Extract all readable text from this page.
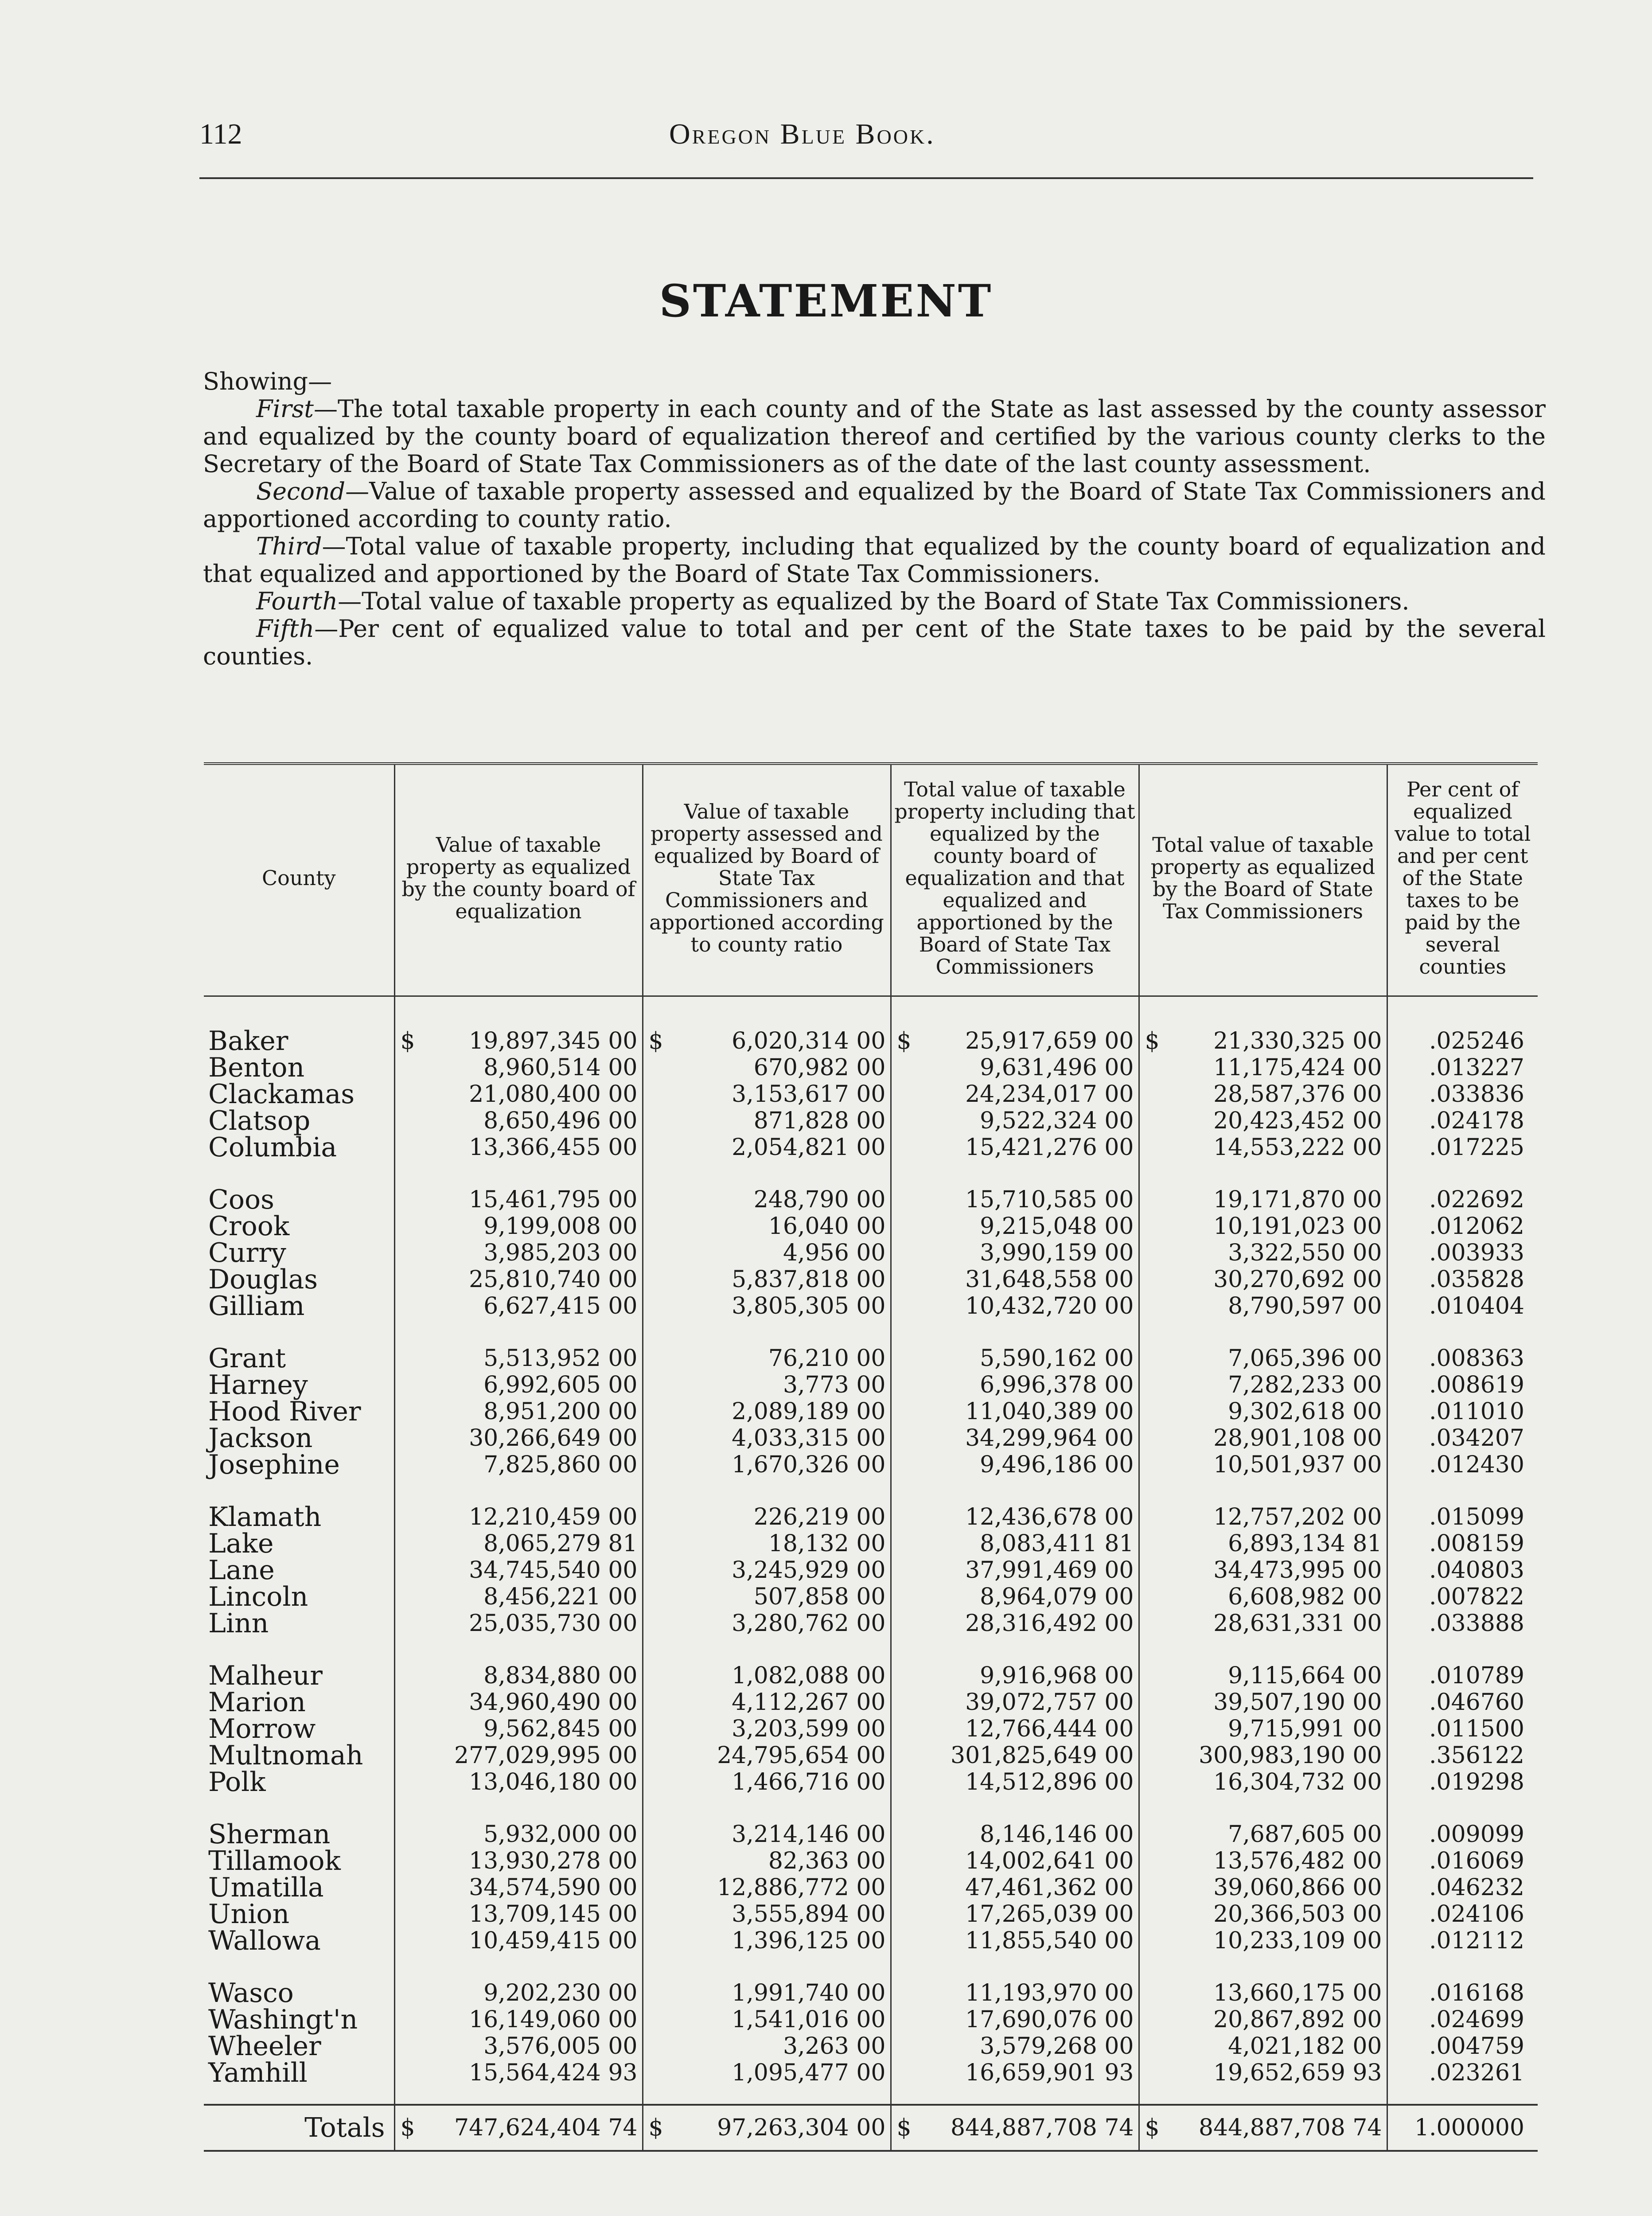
112	Oregon Blue Book.
STATEMENT

Showing—

First—The total taxable property in each county and of the State as last assessed by the county assessor and equalized by the county board of equalization thereof and certified by the various county clerks to the Secretary of the Board of State Tax Commissioners as of the date of the last county assessment.

Second—Value of taxable property assessed and equalized by the Board of State Tax Commissioners and apportioned according to county ratio.

Third—Total value of taxable property, including that equalized by the county board of equalization and that equalized and apportioned by the Board of State Tax Commissioners.

Fourth—Total value of taxable property as equalized by the Board of State Tax Commissioners.

Fifth—Per cent of equalized value to total and per cent of the State taxes to be paid by the several counties.

County	Value of taxable property as equalized by the county board of equalization	Value of taxable property assessed and equalized by Board of State Tax Commissioners and apportioned according to county ratio	Total value of taxable property including that equalized by the county board of equalization and that equalized and apportioned by the Board of State Tax Commissioners	Total value of taxable property as equalized by the Board of State Tax Commissioners	Per cent of equalized value to total and per cent of the State taxes to be paid by the several counties

Baker	$ 19,897,345 00	$ 6,020,314 00	$ 25,917,659 00	$ 21,330,325 00	.025246
Benton	8,960,514 00	670,982 00	9,631,496 00	11,175,424 00	.013227
Clackamas	21,080,400 00	3,153,617 00	24,234,017 00	28,587,376 00	.033836
Clatsop	8,650,496 00	871,828 00	9,522,324 00	20,423,452 00	.024178
Columbia	13,366,455 00	2,054,821 00	15,421,276 00	14,553,222 00	.017225

Coos	15,461,795 00	248,790 00	15,710,585 00	19,171,870 00	.022692
Crook	9,199,008 00	16,040 00	9,215,048 00	10,191,023 00	.012062
Curry	3,985,203 00	4,956 00	3,990,159 00	3,322,550 00	.003933
Douglas	25,810,740 00	5,837,818 00	31,648,558 00	30,270,692 00	.035828
Gilliam	6,627,415 00	3,805,305 00	10,432,720 00	8,790,597 00	.010404

Grant	5,513,952 00	76,210 00	5,590,162 00	7,065,396 00	.008363
Harney	6,992,605 00	3,773 00	6,996,378 00	7,282,233 00	.008619
Hood River	8,951,200 00	2,089,189 00	11,040,389 00	9,302,618 00	.011010
Jackson	30,266,649 00	4,033,315 00	34,299,964 00	28,901,108 00	.034207
Josephine	7,825,860 00	1,670,326 00	9,496,186 00	10,501,937 00	.012430

Klamath	12,210,459 00	226,219 00	12,436,678 00	12,757,202 00	.015099
Lake	8,065,279 81	18,132 00	8,083,411 81	6,893,134 81	.008159
Lane	34,745,540 00	3,245,929 00	37,991,469 00	34,473,995 00	.040803
Lincoln	8,456,221 00	507,858 00	8,964,079 00	6,608,982 00	.007822
Linn	25,035,730 00	3,280,762 00	28,316,492 00	28,631,331 00	.033888

Malheur	8,834,880 00	1,082,088 00	9,916,968 00	9,115,664 00	.010789
Marion	34,960,490 00	4,112,267 00	39,072,757 00	39,507,190 00	.046760
Morrow	9,562,845 00	3,203,599 00	12,766,444 00	9,715,991 00	.011500
Multnomah	277,029,995 00	24,795,654 00	301,825,649 00	300,983,190 00	.356122
Polk	13,046,180 00	1,466,716 00	14,512,896 00	16,304,732 00	.019298

Sherman	5,932,000 00	3,214,146 00	8,146,146 00	7,687,605 00	.009099
Tillamook	13,930,278 00	82,363 00	14,002,641 00	13,576,482 00	.016069
Umatilla	34,574,590 00	12,886,772 00	47,461,362 00	39,060,866 00	.046232
Union	13,709,145 00	3,555,894 00	17,265,039 00	20,366,503 00	.024106
Wallowa	10,459,415 00	1,396,125 00	11,855,540 00	10,233,109 00	.012112

Wasco	9,202,230 00	1,991,740 00	11,193,970 00	13,660,175 00	.016168
Washingt'n	16,149,060 00	1,541,016 00	17,690,076 00	20,867,892 00	.024699
Wheeler	3,576,005 00	3,263 00	3,579,268 00	4,021,182 00	.004759
Yamhill	15,564,424 93	1,095,477 00	16,659,901 93	19,652,659 93	.023261

Totals	$ 747,624,404 74	$ 97,263,304 00	$ 844,887,708 74	$ 844,887,708 74	1.000000
